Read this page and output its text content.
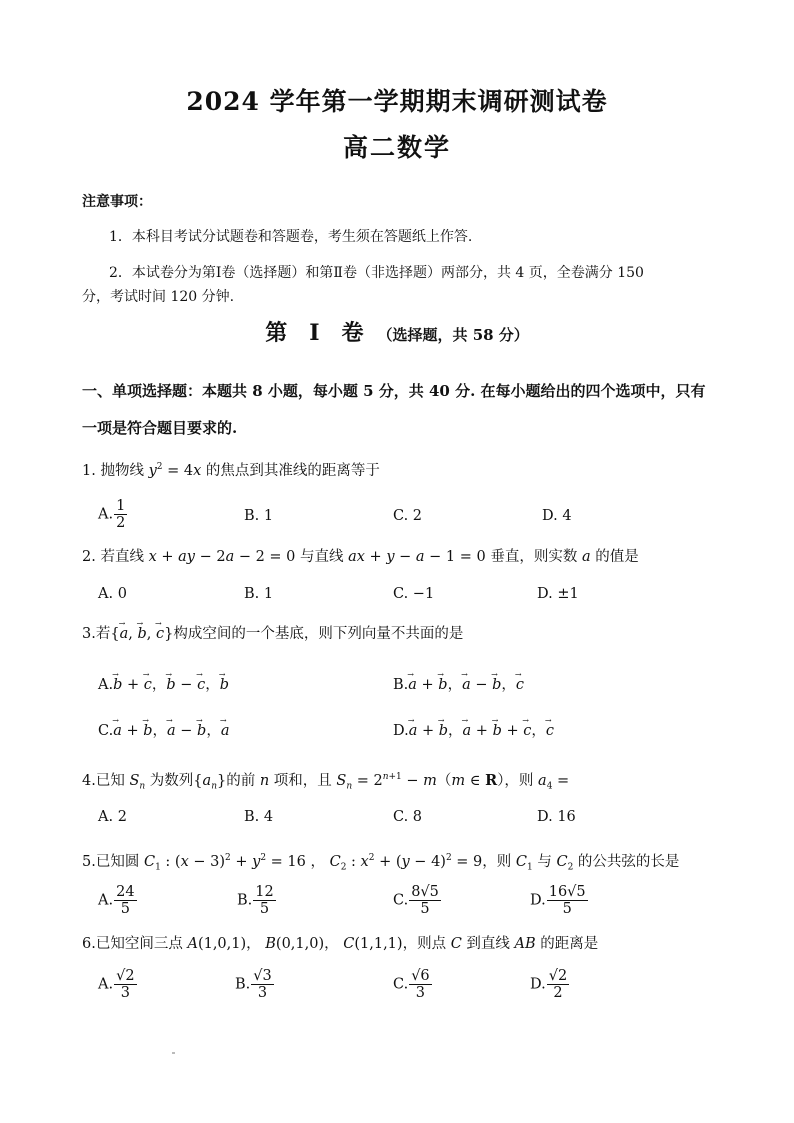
2024 学年第一学期期末调研测试卷
高二数学
注意事项：
1．本科目考试分试题卷和答题卷，考生须在答题纸上作答.
2．本试卷分为第Ⅰ卷（选择题）和第Ⅱ卷（非选择题）两部分，共 4 页，全卷满分 150
分，考试时间 120 分钟.
第　Ⅰ　卷 （选择题，共 58 分）
一、单项选择题：本题共 8 小题，每小题 5 分，共 40 分. 在每小题给出的四个选项中，只有
一项是符合题目要求的.
1. 抛物线 $y^2 = 4x$ 的焦点到其准线的距离等于
A. $\frac{1}{2}$	B. 1	C. 2	D. 4
2. 若直线 x + ay − 2a − 2 = 0 与直线 ax + y − a − 1 = 0 垂直，则实数 a 的值是
A. 0	B. 1	C. −1	D. ±1
3.若{→ a, → b, → c}构成空间的一个基底，则下列向量不共面的是
A.→ b + → c，→ b − → c，→ b	B.→ a + → b，→ a − → b，→ c
C.→ a + → b，→ a − → b，→ a	D.→ a + → b，→ a + → b + → c，→ c
4.已知 $S_n$ 为数列$\{a_n\}$的前 n 项和，且 $S_n = 2^{n+1} - m(m$ ∈ R），则 $a_4$ =
A. 2	B. 4	C. 8	D. 16
5.已知圆 $C_1$ : $(x - 3)^2 + y^2 = 16$ ， $C_2$ : $x^2 + (y - 4)^2 = 9$，则 $C_1$ 与 $C_2$ 的公共弦的长是
A. $\frac{24}{5}$	B. $\frac{12}{5}$	C. $\frac{8√5}{5}$	D. $\frac{16√5}{5}$
6.已知空间三点 A(1,0,1)， B(0,1,0)， C(1,1,1)，则点 C 到直线 AB 的距离是
A. $\frac{√2}{3}$	B. $\frac{√3}{3}$	C. $\frac{√6}{3}$	D. $\frac{√2}{2}$
